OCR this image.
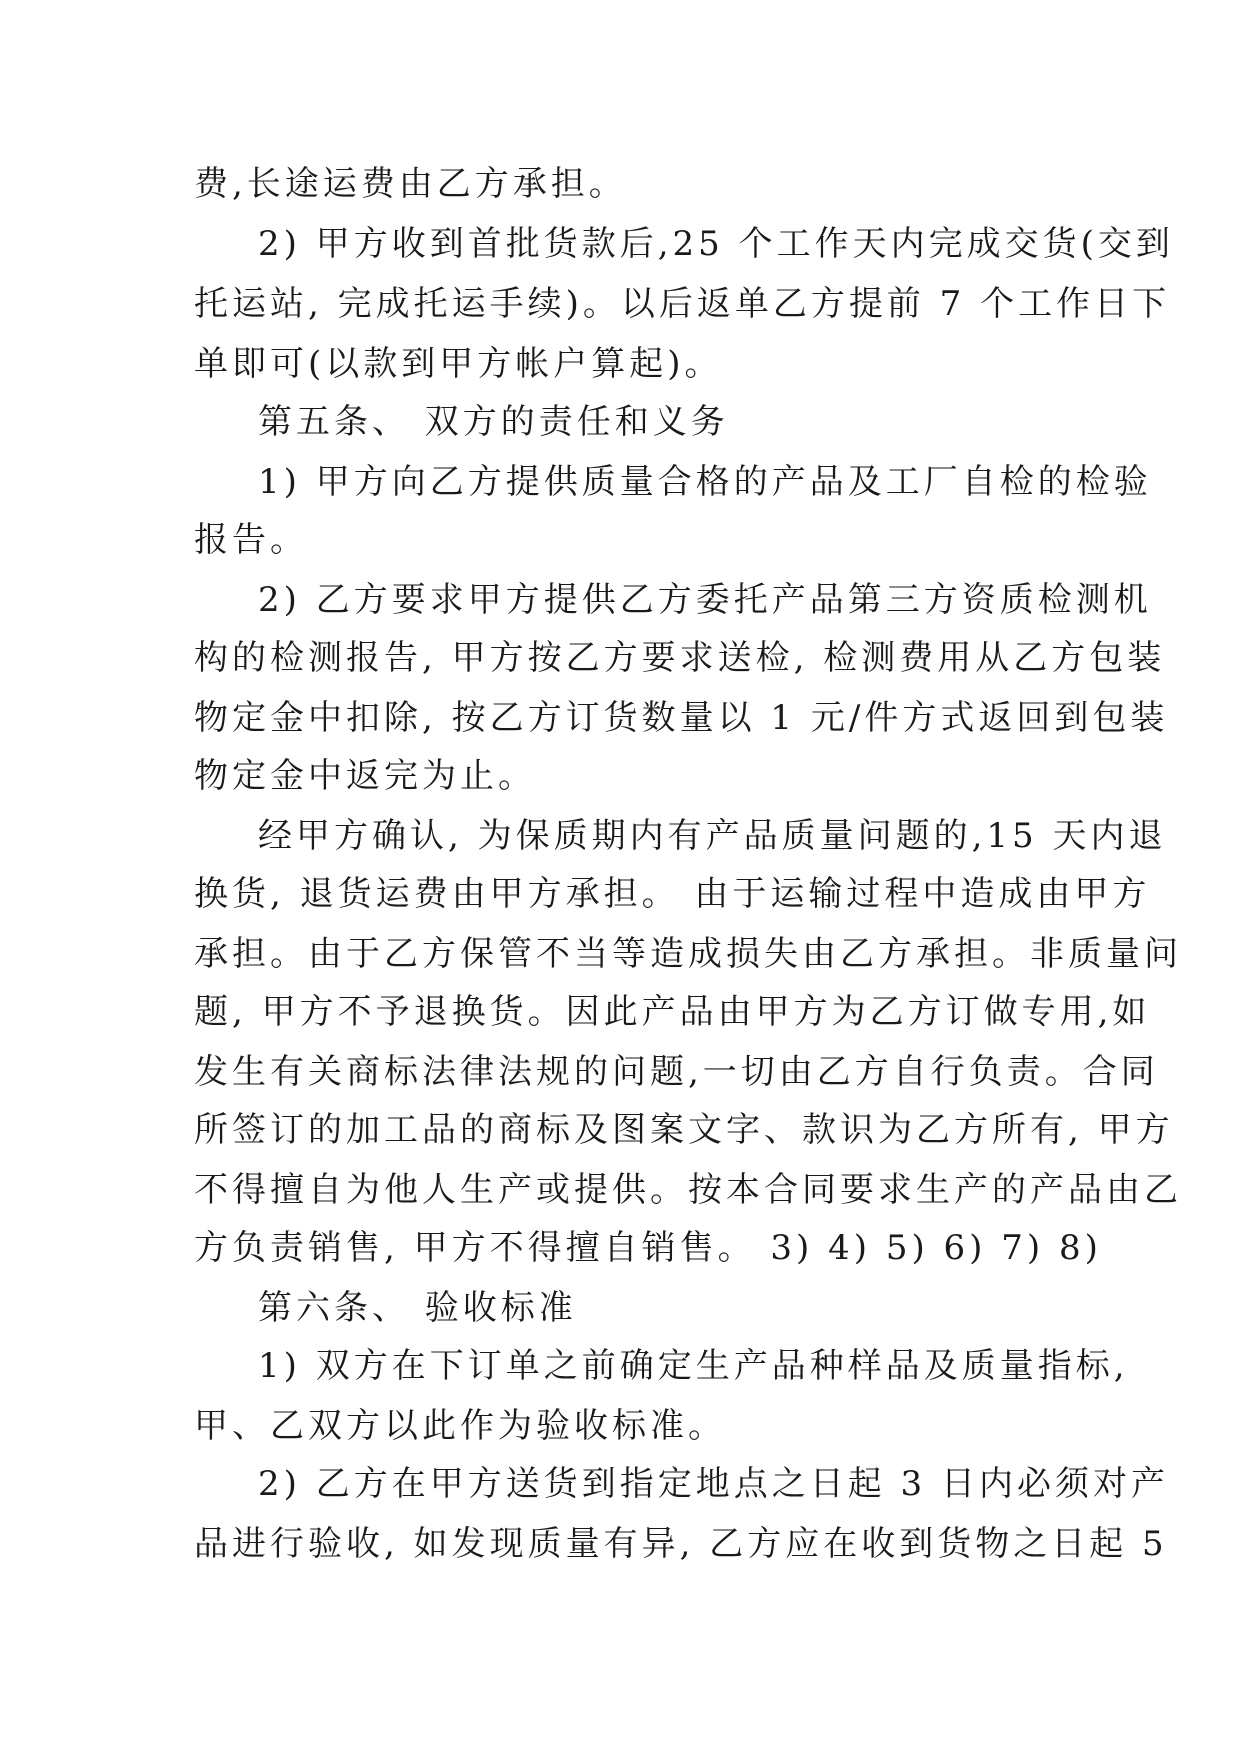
费,长途运费由乙方承担。

2) 甲方收到首批货款后,25 个工作天内完成交货(交到

托运站, 完成托运手续)。以后返单乙方提前 7 个工作日下

单即可(以款到甲方帐户算起)。

第五条、 双方的责任和义务

1) 甲方向乙方提供质量合格的产品及工厂自检的检验

报告。

2) 乙方要求甲方提供乙方委托产品第三方资质检测机

构的检测报告, 甲方按乙方要求送检, 检测费用从乙方包装

物定金中扣除, 按乙方订货数量以 1 元/件方式返回到包装

物定金中返完为止。

经甲方确认, 为保质期内有产品质量问题的,15 天内退

换货, 退货运费由甲方承担。 由于运输过程中造成由甲方

承担。由于乙方保管不当等造成损失由乙方承担。非质量问

题, 甲方不予退换货。因此产品由甲方为乙方订做专用,如

发生有关商标法律法规的问题,一切由乙方自行负责。合同

所签订的加工品的商标及图案文字、款识为乙方所有, 甲方

不得擅自为他人生产或提供。按本合同要求生产的产品由乙

方负责销售, 甲方不得擅自销售。 3) 4) 5) 6) 7) 8)

第六条、 验收标准

1) 双方在下订单之前确定生产品种样品及质量指标,

甲、乙双方以此作为验收标准。

2) 乙方在甲方送货到指定地点之日起 3 日内必须对产

品进行验收, 如发现质量有异, 乙方应在收到货物之日起 5
